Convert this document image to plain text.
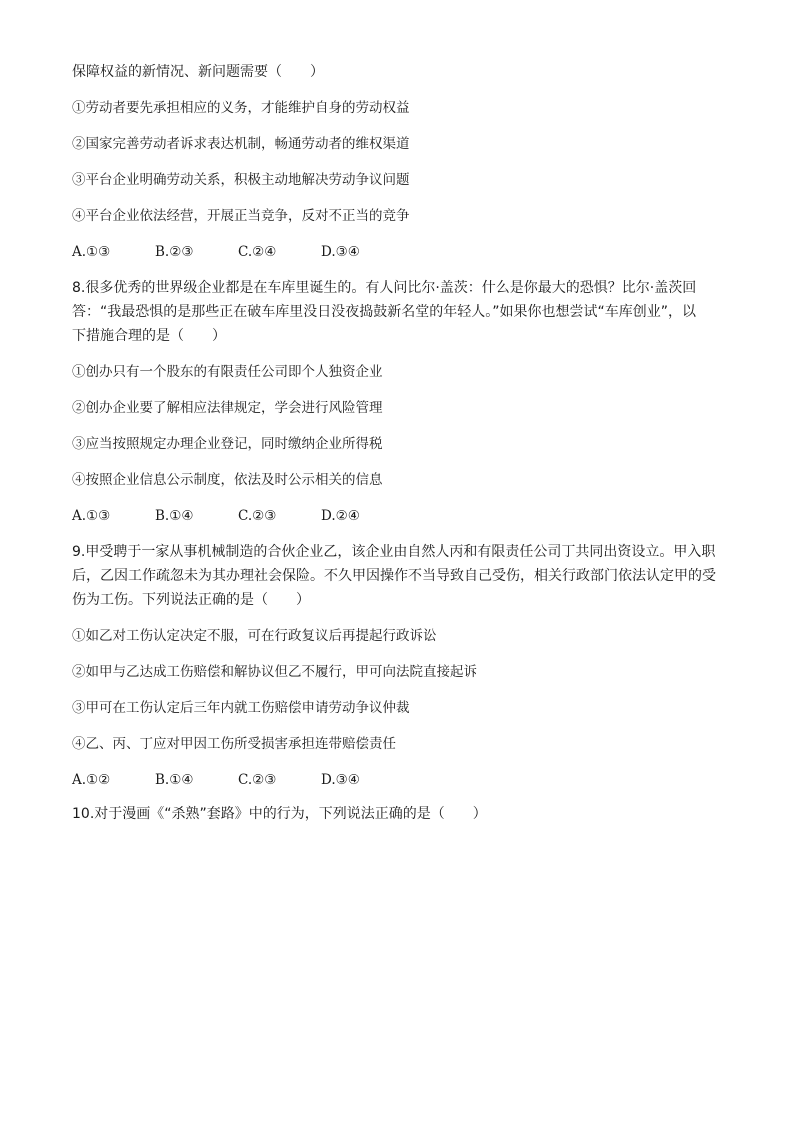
保障权益的新情况、新问题需要（　　）
①劳动者要先承担相应的义务，才能维护自身的劳动权益
②国家完善劳动者诉求表达机制，畅通劳动者的维权渠道
③平台企业明确劳动关系，积极主动地解决劳动争议问题
④平台企业依法经营，开展正当竞争，反对不正当的竞争
A.①③	B.②③	C.②④	D.③④
8.很多优秀的世界级企业都是在车库里诞生的。有人问比尔·盖茨：什么是你最大的恐惧？比尔·盖茨回
答：“我最恐惧的是那些正在破车库里没日没夜捣鼓新名堂的年轻人。”如果你也想尝试“车库创业”，以
下措施合理的是（　　）
①创办只有一个股东的有限责任公司即个人独资企业
②创办企业要了解相应法律规定，学会进行风险管理
③应当按照规定办理企业登记，同时缴纳企业所得税
④按照企业信息公示制度，依法及时公示相关的信息
A.①③	B.①④	C.②③	D.②④
9.甲受聘于一家从事机械制造的合伙企业乙，该企业由自然人丙和有限责任公司丁共同出资设立。甲入职
后，乙因工作疏忽未为其办理社会保险。不久甲因操作不当导致自己受伤，相关行政部门依法认定甲的受
伤为工伤。下列说法正确的是（　　）
①如乙对工伤认定决定不服，可在行政复议后再提起行政诉讼
②如甲与乙达成工伤赔偿和解协议但乙不履行，甲可向法院直接起诉
③甲可在工伤认定后三年内就工伤赔偿申请劳动争议仲裁
④乙、丙、丁应对甲因工伤所受损害承担连带赔偿责任
A.①②	B.①④	C.②③	D.③④
10.对于漫画《“杀熟”套路》中的行为，下列说法正确的是（　　）
